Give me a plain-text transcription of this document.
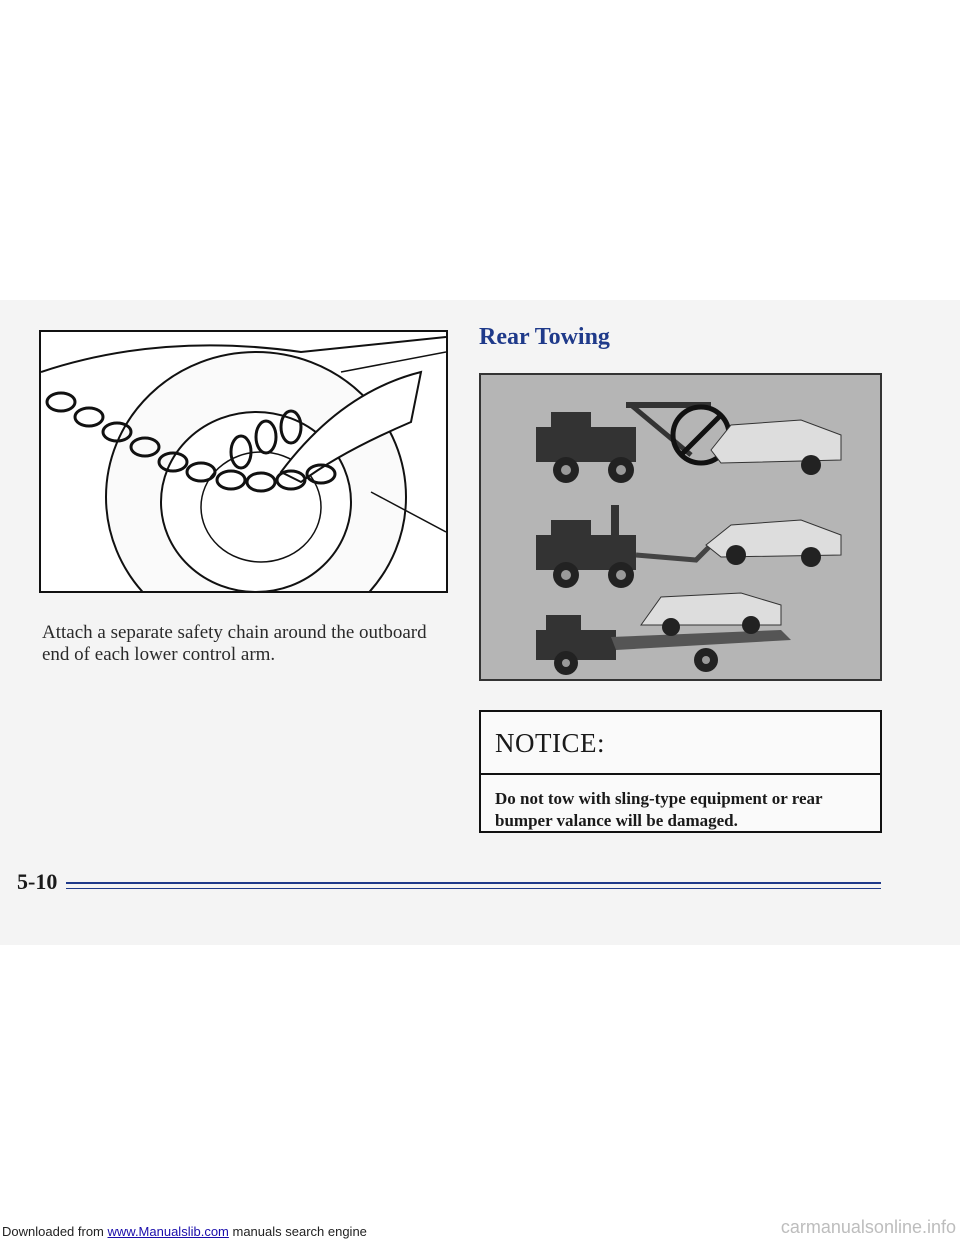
Attach a separate safety chain around the outboard end of each lower control arm.
Rear Towing
NOTICE:
Do not tow with sling-type equipment or rear bumper valance will be damaged.
5-10
Downloaded from www.Manualslib.com manuals search engine	carmanualsonline.info
